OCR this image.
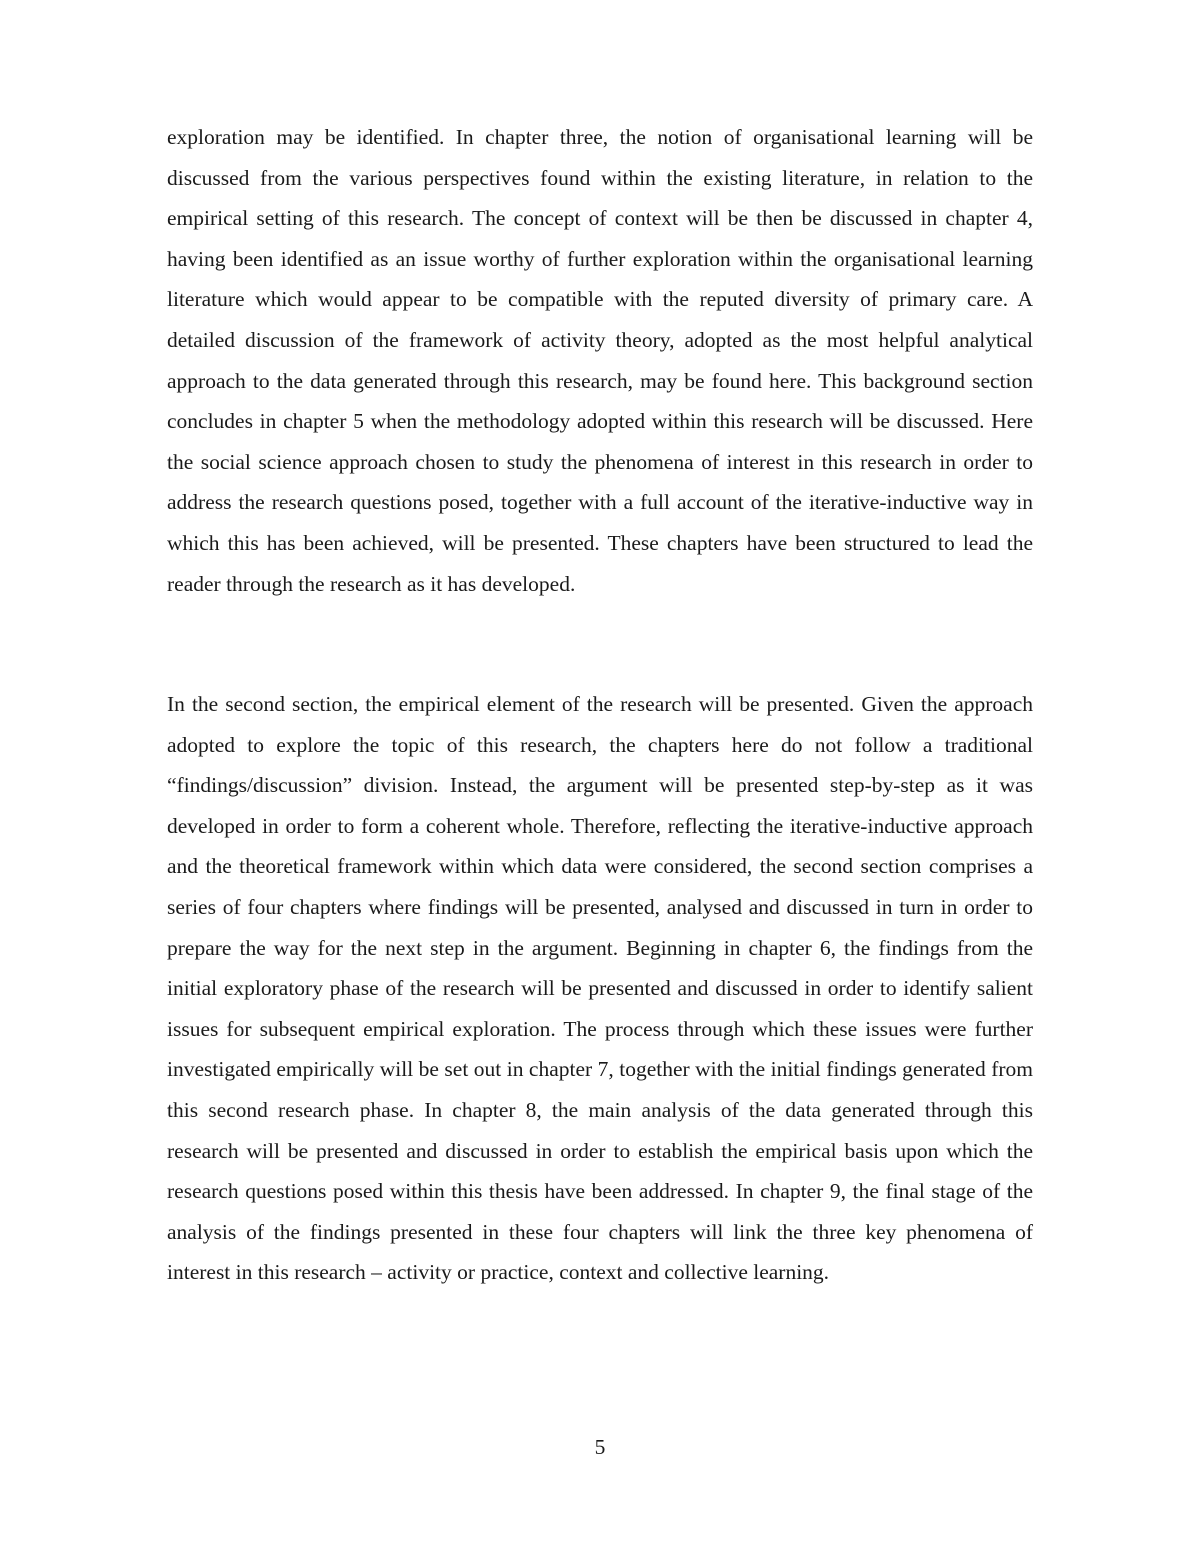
exploration may be identified. In chapter three, the notion of organisational learning will be discussed from the various perspectives found within the existing literature, in relation to the empirical setting of this research. The concept of context will be then be discussed in chapter 4, having been identified as an issue worthy of further exploration within the organisational learning literature which would appear to be compatible with the reputed diversity of primary care. A detailed discussion of the framework of activity theory, adopted as the most helpful analytical approach to the data generated through this research, may be found here. This background section concludes in chapter 5 when the methodology adopted within this research will be discussed. Here the social science approach chosen to study the phenomena of interest in this research in order to address the research questions posed, together with a full account of the iterative-inductive way in which this has been achieved, will be presented. These chapters have been structured to lead the reader through the research as it has developed.

In the second section, the empirical element of the research will be presented. Given the approach adopted to explore the topic of this research, the chapters here do not follow a traditional “findings/discussion” division. Instead, the argument will be presented step-by-step as it was developed in order to form a coherent whole. Therefore, reflecting the iterative-inductive approach and the theoretical framework within which data were considered, the second section comprises a series of four chapters where findings will be presented, analysed and discussed in turn in order to prepare the way for the next step in the argument. Beginning in chapter 6, the findings from the initial exploratory phase of the research will be presented and discussed in order to identify salient issues for subsequent empirical exploration. The process through which these issues were further investigated empirically will be set out in chapter 7, together with the initial findings generated from this second research phase. In chapter 8, the main analysis of the data generated through this research will be presented and discussed in order to establish the empirical basis upon which the research questions posed within this thesis have been addressed. In chapter 9, the final stage of the analysis of the findings presented in these four chapters will link the three key phenomena of interest in this research – activity or practice, context and collective learning.

5
